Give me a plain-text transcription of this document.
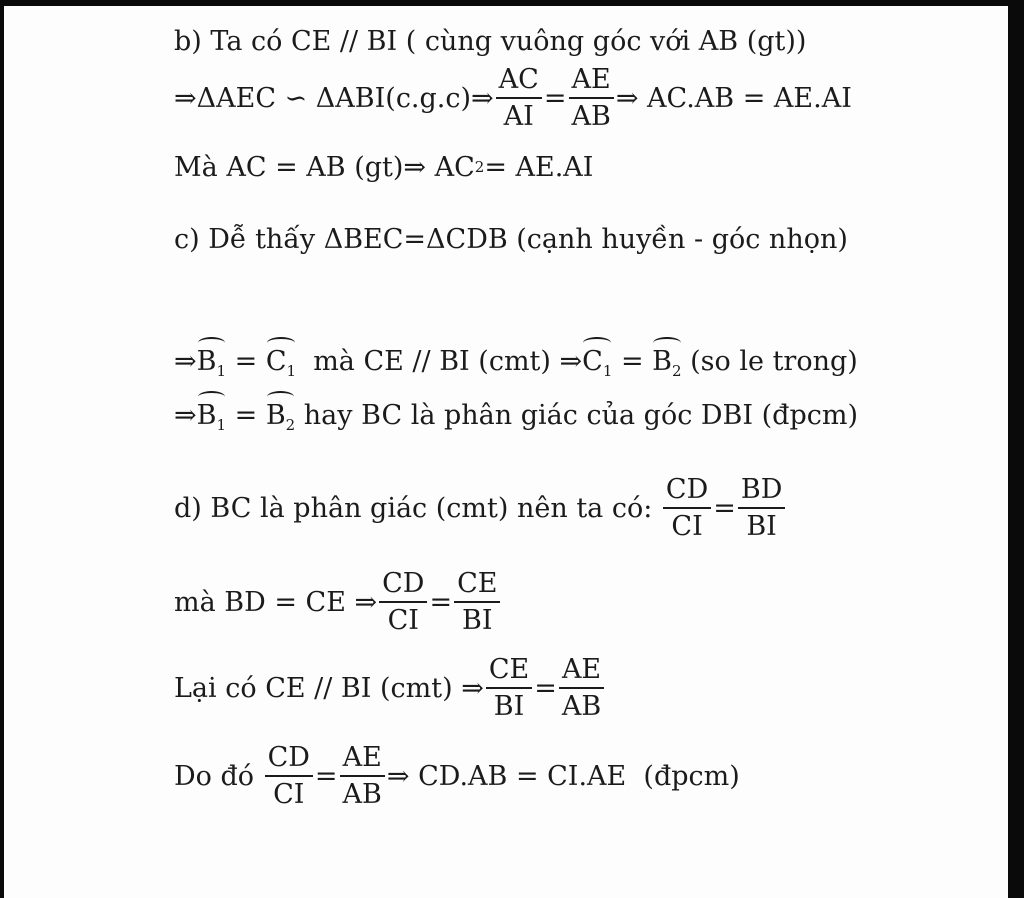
b) Ta có CE // BI ( cùng vuông góc với AB (gt))
⇒ΔAEC ∽ ΔABI(c.g.c)⇒ $\frac{AC}{AI} = \frac{AE}{AB}$ ⇒ AC.AB = AE.AI
Mà AC = AB (gt)⇒ AC 2 = AE.AI
c) Dễ thấy ΔBEC=ΔCDB (cạnh huyền - góc nhọn)
⇒ $B_1 = C_1$ mà CE // BI (cmt) ⇒ $C_1 = B_2$ (so le trong)
⇒ $B_1 = B_2$ hay BC là phân giác của góc DBI (đpcm)
d) BC là phân giác (cmt) nên ta có: $\frac{CD}{CI} = \frac{BD}{BI}$
mà BD = CE ⇒ $\frac{CD}{CI} = \frac{CE}{BI}$
Lại có CE // BI (cmt) ⇒ $\frac{CE}{BI} = \frac{AE}{AB}$
Do đó $\frac{CD}{CI} = \frac{AE}{AB}$ ⇒ CD.AB = CI.AE  (đpcm)
